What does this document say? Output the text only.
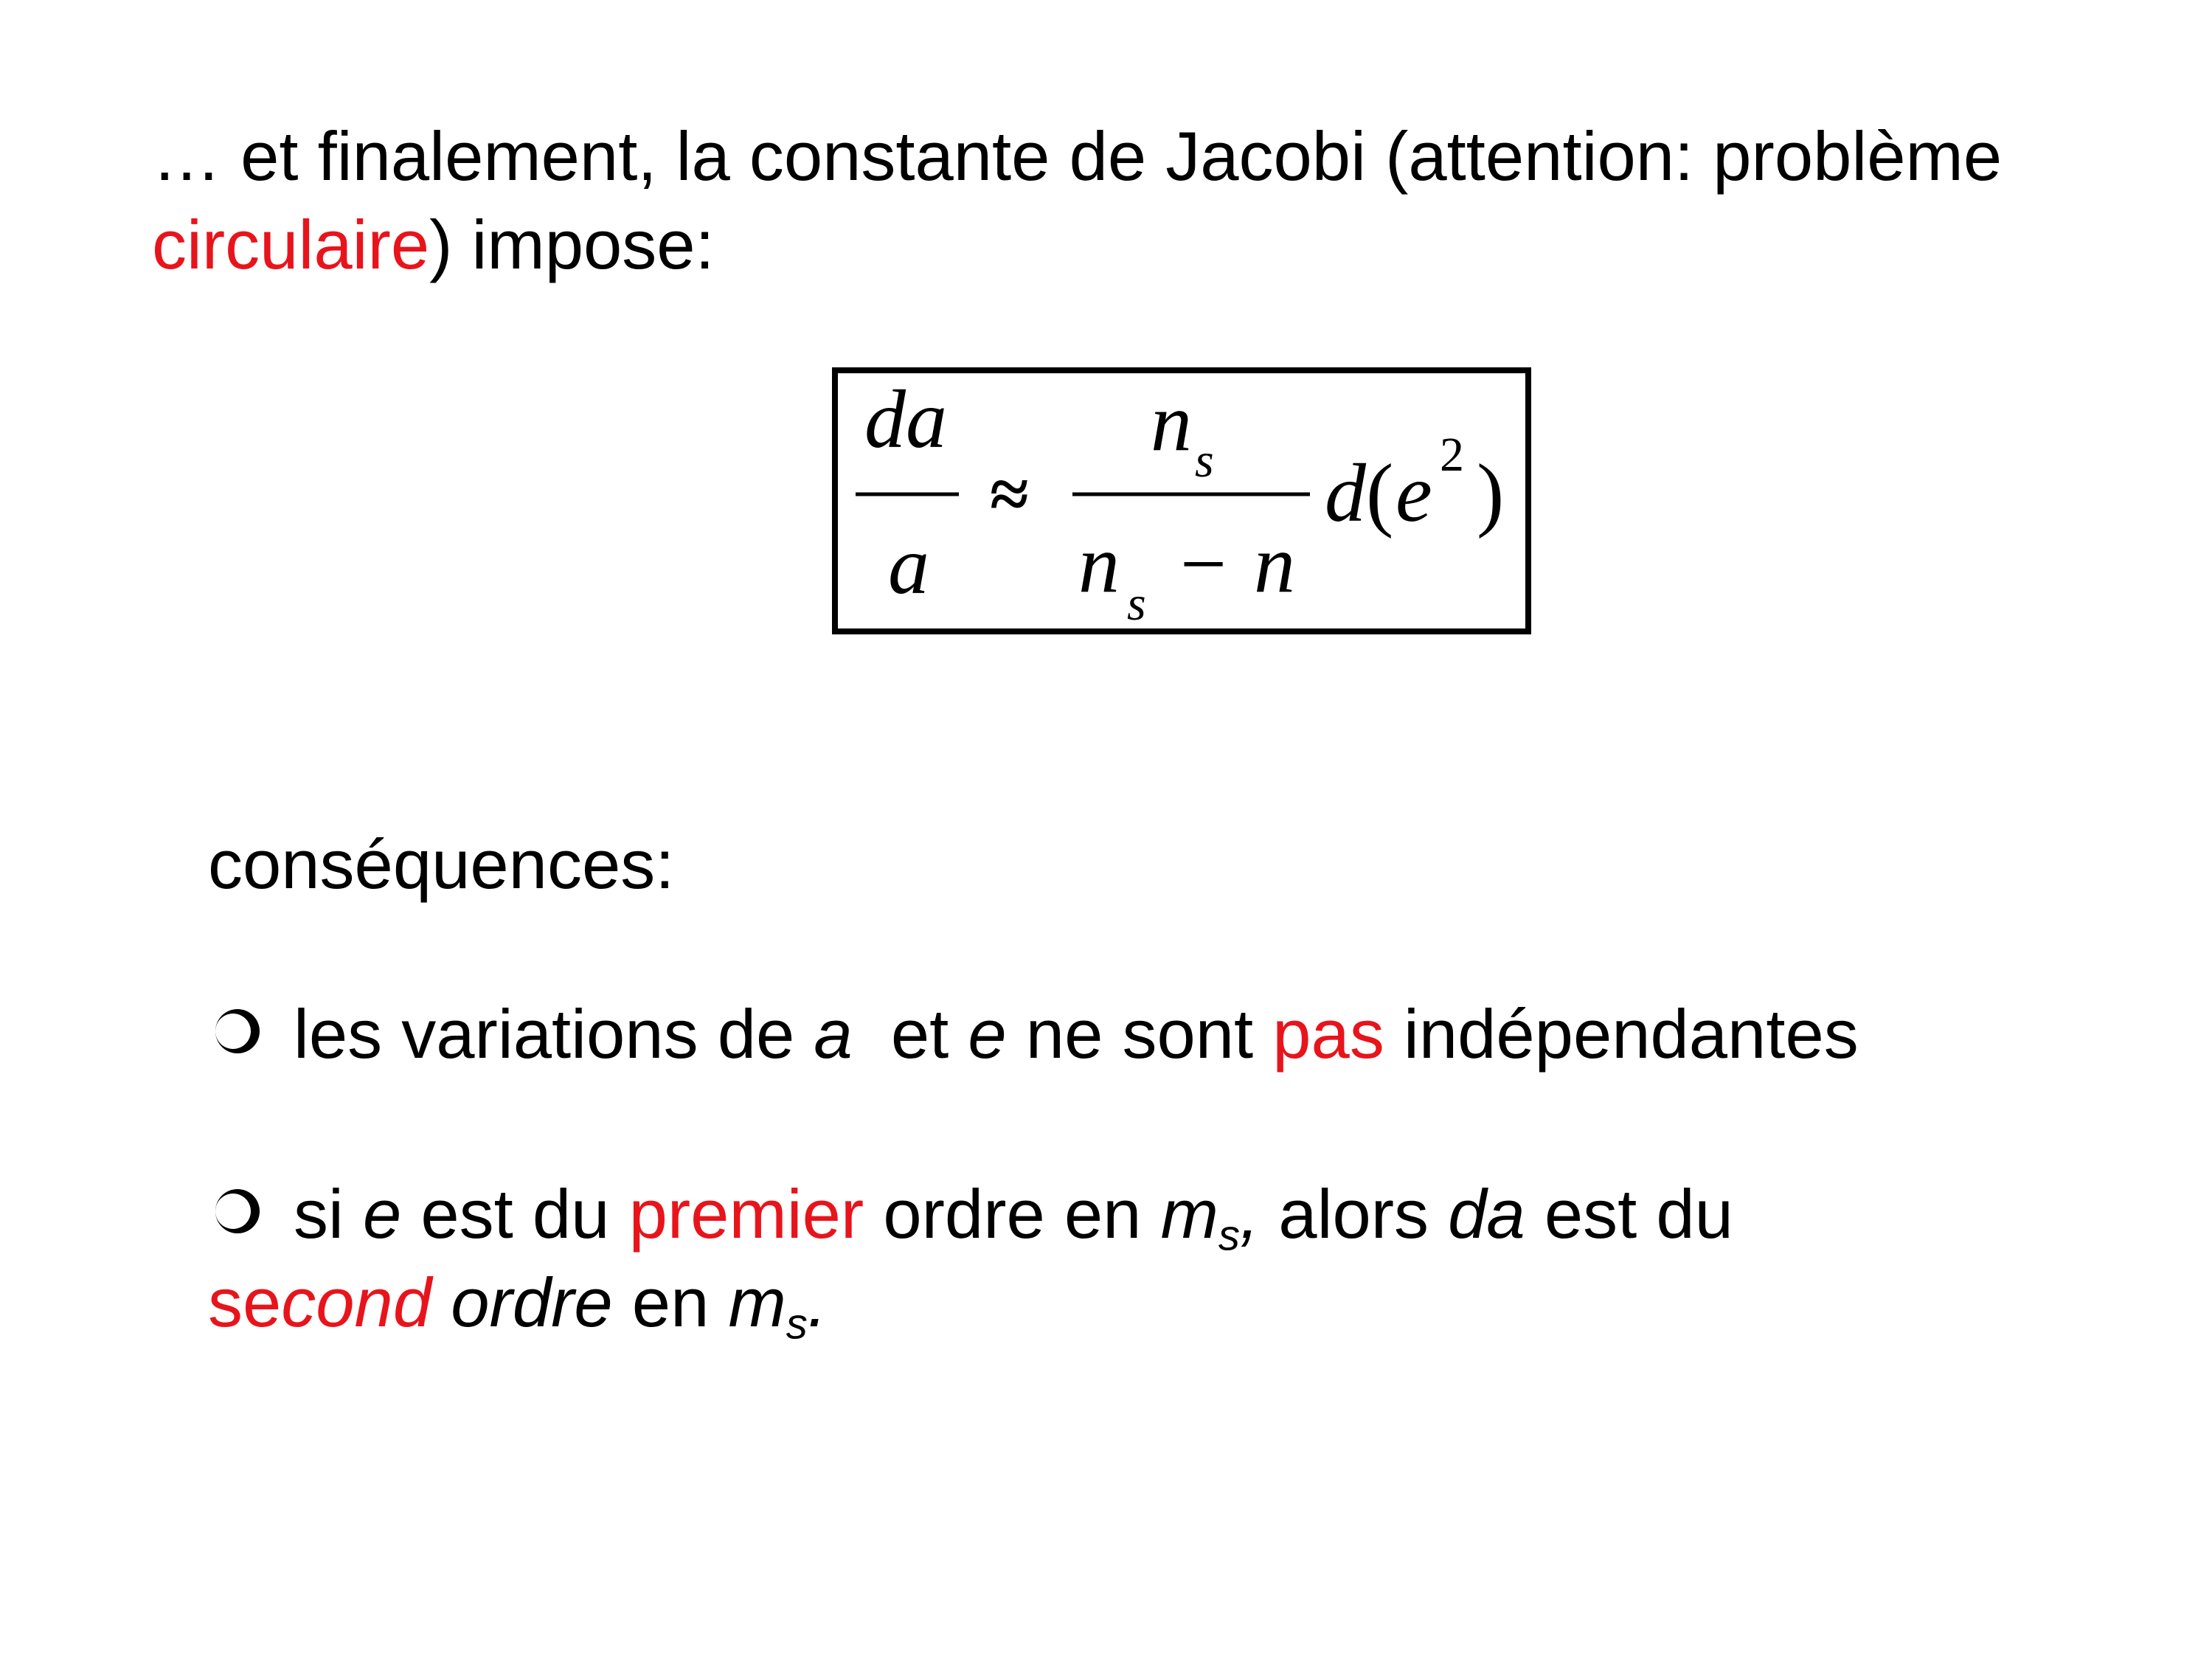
… et finalement, la constante de Jacobi (attention: problème
circulaire) impose:

da
a
≈
n s
n s − n
d ( e 2 )

conséquences:

les variations de a  et e ne sont pas indépendantes

si e est du premier ordre en $m_s$, alors da est du

second ordre en $m_s$.
